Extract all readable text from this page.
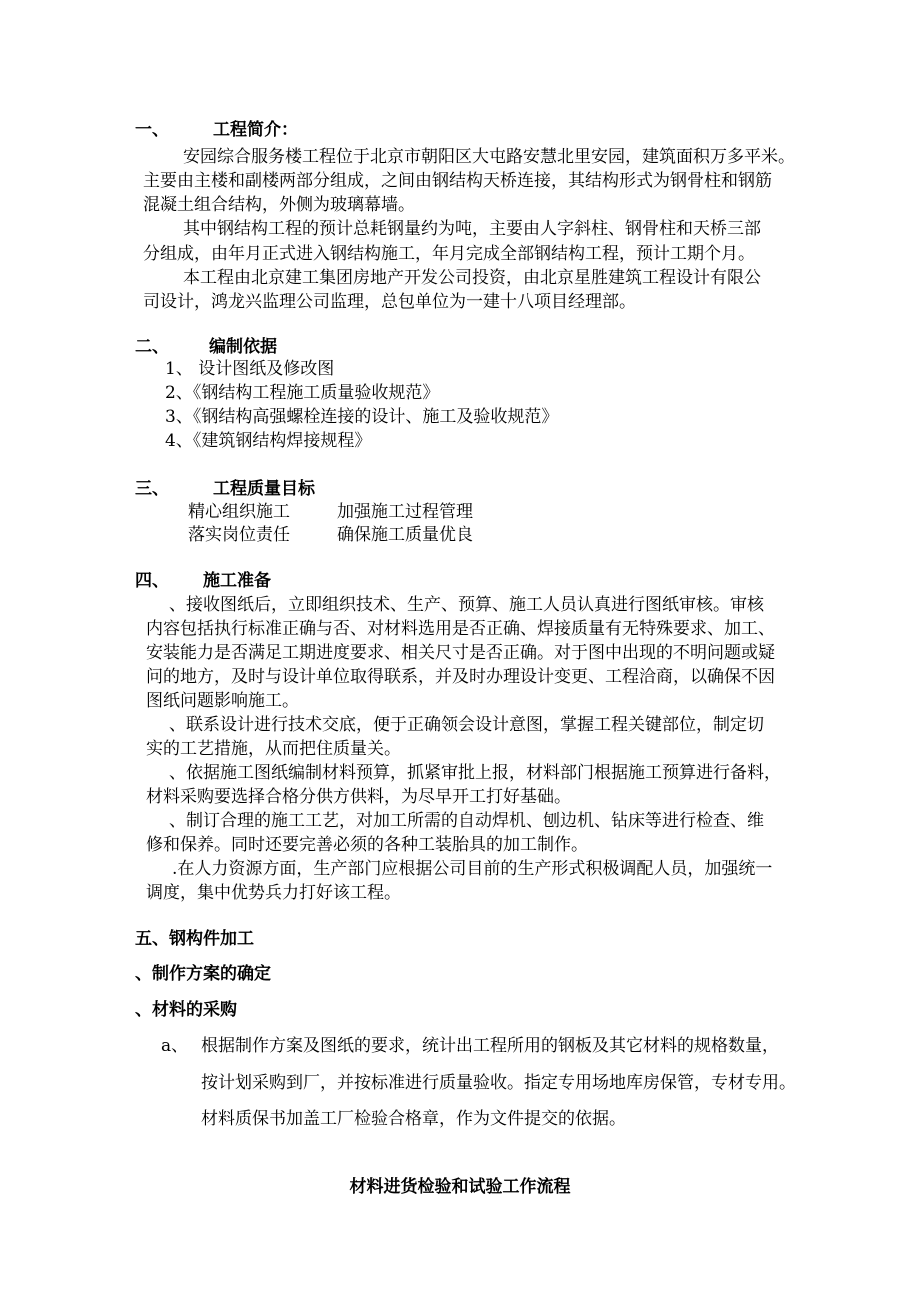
一、	工程简介：
安园综合服务楼工程位于北京市朝阳区大屯路安慧北里安园，建筑面积万多平米。
主要由主楼和副楼两部分组成，之间由钢结构天桥连接，其结构形式为钢骨柱和钢筋
混凝土组合结构，外侧为玻璃幕墙。
其中钢结构工程的预计总耗钢量约为吨，主要由人字斜柱、钢骨柱和天桥三部
分组成，由年月正式进入钢结构施工，年月完成全部钢结构工程，预计工期个月。
本工程由北京建工集团房地产开发公司投资，由北京星胜建筑工程设计有限公
司设计，鸿龙兴监理公司监理，总包单位为一建十八项目经理部。
二、 编制依据
1、 设计图纸及修改图
2、《钢结构工程施工质量验收规范》
3、《钢结构高强螺栓连接的设计、施工及验收规范》
4、《建筑钢结构焊接规程》
三、	工程质量目标
精心组织施工	加强施工过程管理
落实岗位责任	确保施工质量优良
四、 施工准备
、接收图纸后，立即组织技术、生产、预算、施工人员认真进行图纸审核。审核
内容包括执行标准正确与否、对材料选用是否正确、焊接质量有无特殊要求、加工、
安装能力是否满足工期进度要求、相关尺寸是否正确。对于图中出现的不明问题或疑
问的地方，及时与设计单位取得联系，并及时办理设计变更、工程洽商，以确保不因
图纸问题影响施工。
、联系设计进行技术交底，便于正确领会设计意图，掌握工程关键部位，制定切
实的工艺措施，从而把住质量关。
、依据施工图纸编制材料预算，抓紧审批上报，材料部门根据施工预算进行备料，
材料采购要选择合格分供方供料，为尽早开工打好基础。
、制订合理的施工工艺，对加工所需的自动焊机、刨边机、钻床等进行检查、维
修和保养。同时还要完善必须的各种工装胎具的加工制作。
.在人力资源方面，生产部门应根据公司目前的生产形式积极调配人员，加强统一
调度，集中优势兵力打好该工程。
五、钢构件加工
、制作方案的确定
、材料的采购
a、 根据制作方案及图纸的要求，统计出工程所用的钢板及其它材料的规格数量，
按计划采购到厂，并按标准进行质量验收。指定专用场地库房保管，专材专用。
材料质保书加盖工厂检验合格章，作为文件提交的依据。
材料进货检验和试验工作流程
